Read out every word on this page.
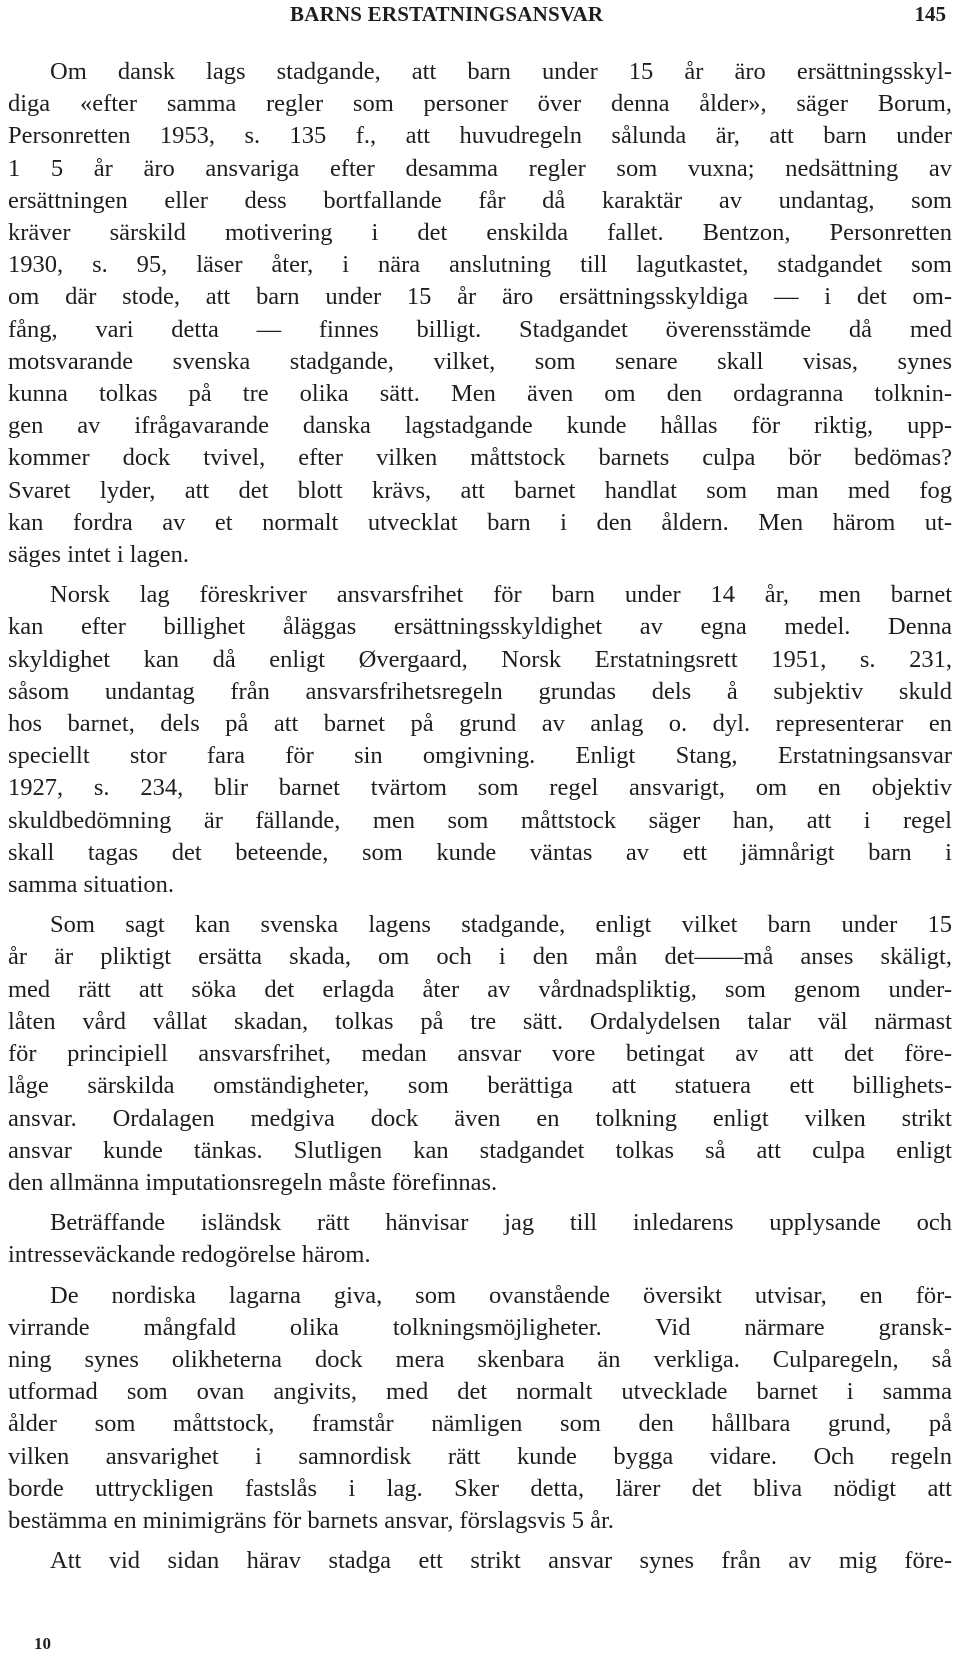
BARNS ERSTATNINGSANSVAR	145
Om dansk lags stadgande, att barn under 15 år äro ersättningsskyl-
diga «efter samma regler som personer över denna ålder», säger Borum,
Personretten 1953, s. 135 f., att huvudregeln sålunda är, att barn under
1 5 år äro ansvariga efter desamma regler som vuxna; nedsättning av
ersättningen eller dess bortfallande får då karaktär av undantag, som
kräver särskild motivering i det enskilda fallet. Bentzon, Personretten
1930, s. 95, läser åter, i nära anslutning till lagutkastet, stadgandet som
om där stode, att barn under 15 år äro ersättningsskyldiga — i det om-
fång, vari detta — finnes billigt. Stadgandet överensstämde då med
motsvarande svenska stadgande, vilket, som senare skall visas, synes
kunna tolkas på tre olika sätt. Men även om den ordagranna tolknin-
gen av ifrågavarande danska lagstadgande kunde hållas för riktig, upp-
kommer dock tvivel, efter vilken måttstock barnets culpa bör bedömas?
Svaret lyder, att det blott krävs, att barnet handlat som man med fog
kan fordra av et normalt utvecklat barn i den åldern. Men härom ut-
säges intet i lagen.
Norsk lag föreskriver ansvarsfrihet för barn under 14 år, men barnet
kan efter billighet åläggas ersättningsskyldighet av egna medel. Denna
skyldighet kan då enligt Øvergaard, Norsk Erstatningsrett 1951, s. 231,
såsom undantag från ansvarsfrihetsregeln grundas dels å subjektiv skuld
hos barnet, dels på att barnet på grund av anlag o. dyl. representerar en
speciellt stor fara för sin omgivning. Enligt Stang, Erstatningsansvar
1927, s. 234, blir barnet tvärtom som regel ansvarigt, om en objektiv
skuldbedömning är fällande, men som måttstock säger han, att i regel
skall tagas det beteende, som kunde väntas av ett jämnårigt barn i
samma situation.
Som sagt kan svenska lagens stadgande, enligt vilket barn under 15
år är pliktigt ersätta skada, om och i den mån det——må anses skäligt,
med rätt att söka det erlagda åter av vårdnadspliktig, som genom under-
låten vård vållat skadan, tolkas på tre sätt. Ordalydelsen talar väl närmast
för principiell ansvarsfrihet, medan ansvar vore betingat av att det före-
låge särskilda omständigheter, som berättiga att statuera ett billighets-
ansvar. Ordalagen medgiva dock även en tolkning enligt vilken strikt
ansvar kunde tänkas. Slutligen kan stadgandet tolkas så att culpa enligt
den allmänna imputationsregeln måste förefinnas.
Beträffande isländsk rätt hänvisar jag till inledarens upplysande och
intresseväckande redogörelse härom.
De nordiska lagarna giva, som ovanstående översikt utvisar, en för-
virrande mångfald olika tolkningsmöjligheter. Vid närmare gransk-
ning synes olikheterna dock mera skenbara än verkliga. Culparegeln, så
utformad som ovan angivits, med det normalt utvecklade barnet i samma
ålder som måttstock, framstår nämligen som den hållbara grund, på
vilken ansvarighet i samnordisk rätt kunde bygga vidare. Och regeln
borde uttryckligen fastslås i lag. Sker detta, lärer det bliva nödigt att
bestämma en minimigräns för barnets ansvar, förslagsvis 5 år.
Att vid sidan härav stadga ett strikt ansvar synes från av mig före-
10
